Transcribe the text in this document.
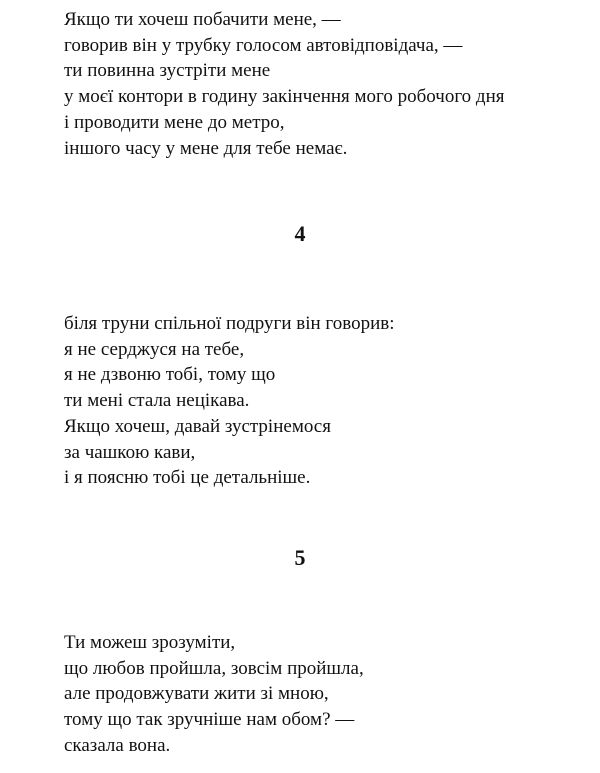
Якщо ти хочеш побачити мене, —
говорив він у трубку голосом автовідповідача, —
ти повинна зустріти мене
у моєї контори в годину закінчення мого робочого дня
і проводити мене до метро,
іншого часу у мене для тебе немає.
4
біля труни спільної подруги він говорив:
я не серджуся на тебе,
я не дзвоню тобі, тому що
ти мені стала нецікава.
Якщо хочеш, давай зустрінемося
за чашкою кави,
і я поясню тобі це детальніше.
5
Ти можеш зрозуміти,
що любов пройшла, зовсім пройшла,
але продовжувати жити зі мною,
тому що так зручніше нам обом? —
сказала вона.
